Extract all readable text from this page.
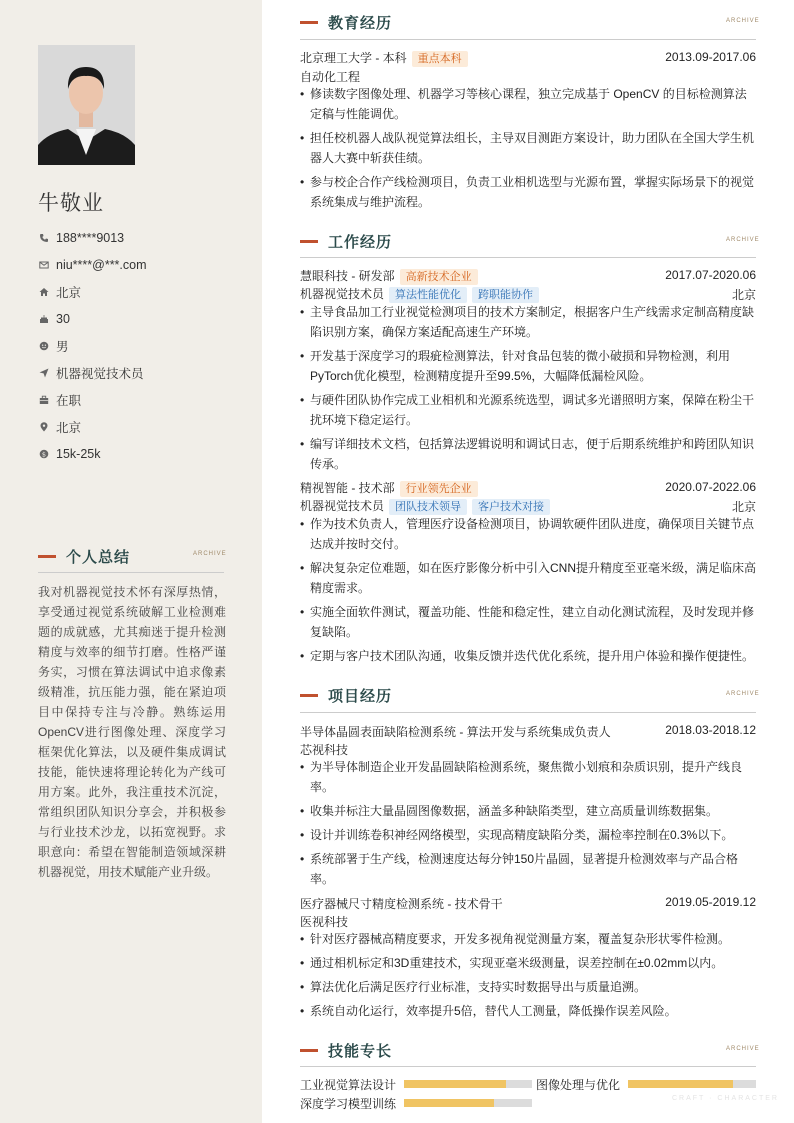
牛敬业
188****9013
niu****@***.com
北京
30
男
机器视觉技术员
在职
北京
$ 15k-25k
个人总结	ARCHIVE
我对机器视觉技术怀有深厚热情，享受通过视觉系统破解工业检测难题的成就感，尤其痴迷于提升检测精度与效率的细节打磨。性格严谨务实，习惯在算法调试中追求像素级精准，抗压能力强，能在紧迫项目中保持专注与冷静。熟练运用OpenCV进行图像处理、深度学习框架优化算法，以及硬件集成调试技能，能快速将理论转化为产线可用方案。此外，我注重技术沉淀，常组织团队知识分享会，并积极参与行业技术沙龙，以拓宽视野。求职意向：希望在智能制造领域深耕机器视觉，用技术赋能产业升级。
教育经历	ARCHIVE
北京理工大学 - 本科 重点本科	2013.09-2017.06
自动化工程
• 修读数字图像处理、机器学习等核心课程，独立完成基于 OpenCV 的目标检测算法定稿与性能调优。
• 担任校机器人战队视觉算法组长，主导双目测距方案设计，助力团队在全国大学生机器人大赛中斩获佳绩。
• 参与校企合作产线检测项目，负责工业相机选型与光源布置，掌握实际场景下的视觉系统集成与维护流程。
工作经历	ARCHIVE
慧眼科技 - 研发部 高新技术企业	2017.07-2020.06
机器视觉技术员 算法性能优化 跨职能协作	北京
• 主导食品加工行业视觉检测项目的技术方案制定，根据客户生产线需求定制高精度缺陷识别方案，确保方案适配高速生产环境。
• 开发基于深度学习的瑕疵检测算法，针对食品包装的微小破损和异物检测，利用PyTorch优化模型，检测精度提升至99.5%，大幅降低漏检风险。
• 与硬件团队协作完成工业相机和光源系统选型，调试多光谱照明方案，保障在粉尘干扰环境下稳定运行。
• 编写详细技术文档，包括算法逻辑说明和调试日志，便于后期系统维护和跨团队知识传承。
精视智能 - 技术部 行业领先企业	2020.07-2022.06
机器视觉技术员 团队技术领导 客户技术对接	北京
• 作为技术负责人，管理医疗设备检测项目，协调软硬件团队进度，确保项目关键节点达成并按时交付。
• 解决复杂定位难题，如在医疗影像分析中引入CNN提升精度至亚毫米级，满足临床高精度需求。
• 实施全面软件测试，覆盖功能、性能和稳定性，建立自动化测试流程，及时发现并修复缺陷。
• 定期与客户技术团队沟通，收集反馈并迭代优化系统，提升用户体验和操作便捷性。
项目经历	ARCHIVE
半导体晶圆表面缺陷检测系统 - 算法开发与系统集成负责人	2018.03-2018.12
芯视科技
• 为半导体制造企业开发晶圆缺陷检测系统，聚焦微小划痕和杂质识别，提升产线良率。
• 收集并标注大量晶圆图像数据，涵盖多种缺陷类型，建立高质量训练数据集。
• 设计并训练卷积神经网络模型，实现高精度缺陷分类，漏检率控制在0.3%以下。
• 系统部署于生产线，检测速度达每分钟150片晶圆，显著提升检测效率与产品合格率。
医疗器械尺寸精度检测系统 - 技术骨干	2019.05-2019.12
医视科技
• 针对医疗器械高精度要求，开发多视角视觉测量方案，覆盖复杂形状零件检测。
• 通过相机标定和3D重建技术，实现亚毫米级测量，误差控制在±0.02mm以内。
• 算法优化后满足医疗行业标准，支持实时数据导出与质量追溯。
• 系统自动化运行，效率提升5倍，替代人工测量，降低操作误差风险。
技能专长	ARCHIVE
工业视觉算法设计	图像处理与优化
深度学习模型训练	CRAFT · CHARACTER
